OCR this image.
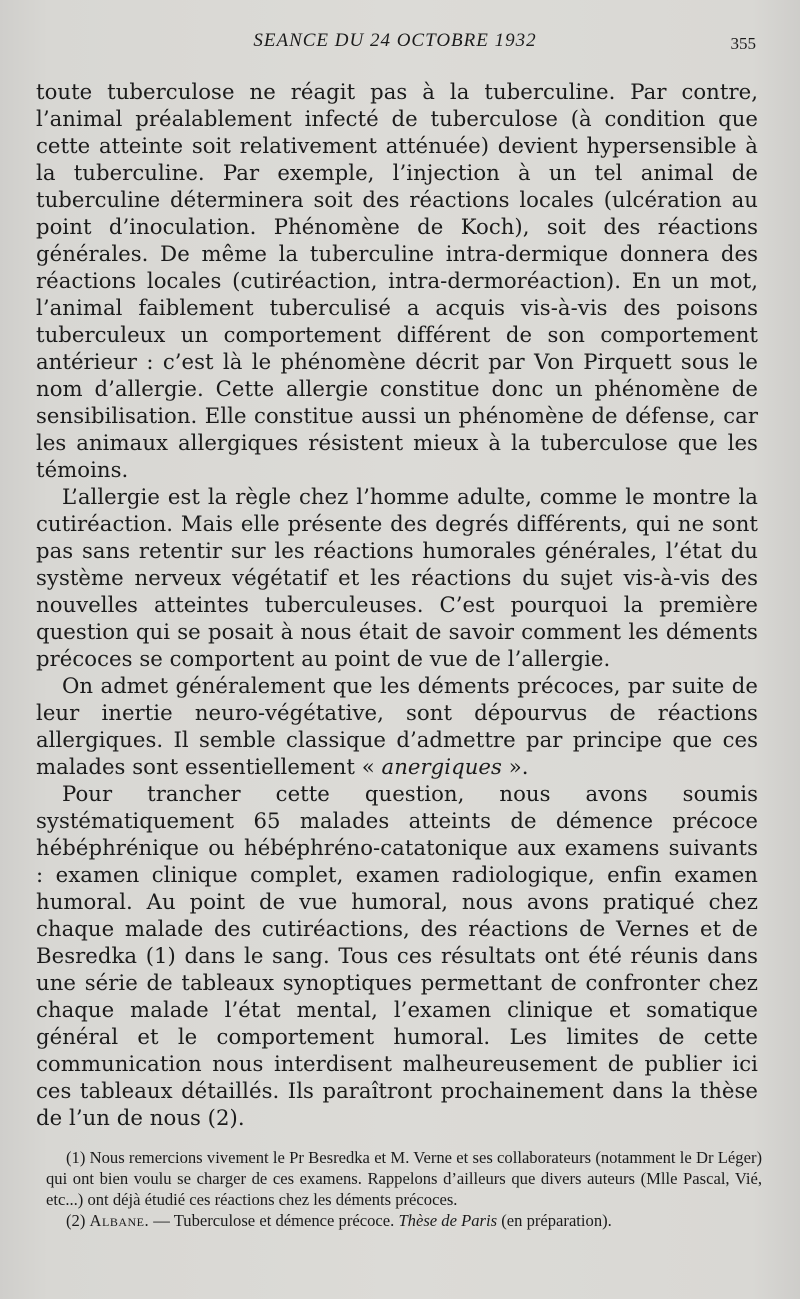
SEANCE DU 24 OCTOBRE 1932	355

toute tuberculose ne réagit pas à la tuberculine. Par contre, l’animal préalablement infecté de tuberculose (à condition que cette atteinte soit relativement atténuée) devient hypersensible à la tuberculine. Par exemple, l’injection à un tel animal de tuberculine déterminera soit des réactions locales (ulcération au point d’inoculation. Phénomène de Koch), soit des réactions générales. De même la tuberculine intra-dermique donnera des réactions locales (cutiréaction, intra-dermoréaction). En un mot, l’animal faiblement tuberculisé a acquis vis-à-vis des poisons tuberculeux un comportement différent de son comportement antérieur : c’est là le phénomène décrit par Von Pirquett sous le nom d’allergie. Cette allergie constitue donc un phénomène de sensibilisation. Elle constitue aussi un phénomène de défense, car les animaux allergiques résistent mieux à la tuberculose que les témoins.

L’allergie est la règle chez l’homme adulte, comme le montre la cutiréaction. Mais elle présente des degrés différents, qui ne sont pas sans retentir sur les réactions humorales générales, l’état du système nerveux végétatif et les réactions du sujet vis-à-vis des nouvelles atteintes tuberculeuses. C’est pourquoi la première question qui se posait à nous était de savoir comment les déments précoces se comportent au point de vue de l’allergie.

On admet généralement que les déments précoces, par suite de leur inertie neuro-végétative, sont dépourvus de réactions allergiques. Il semble classique d’admettre par principe que ces malades sont essentiellement « anergiques ».

Pour trancher cette question, nous avons soumis systématiquement 65 malades atteints de démence précoce hébéphrénique ou hébéphréno-catatonique aux examens suivants : examen clinique complet, examen radiologique, enfin examen humoral. Au point de vue humoral, nous avons pratiqué chez chaque malade des cutiréactions, des réactions de Vernes et de Besredka (1) dans le sang. Tous ces résultats ont été réunis dans une série de tableaux synoptiques permettant de confronter chez chaque malade l’état mental, l’examen clinique et somatique général et le comportement humoral. Les limites de cette communication nous interdisent malheureusement de publier ici ces tableaux détaillés. Ils paraîtront prochainement dans la thèse de l’un de nous (2).

(1) Nous remercions vivement le Pr Besredka et M. Verne et ses collaborateurs (notamment le Dr Léger) qui ont bien voulu se charger de ces examens. Rappelons d’ailleurs que divers auteurs (Mlle Pascal, Vié, etc...) ont déjà étudié ces réactions chez les déments précoces.

(2) Albane. — Tuberculose et démence précoce. Thèse de Paris (en préparation).
